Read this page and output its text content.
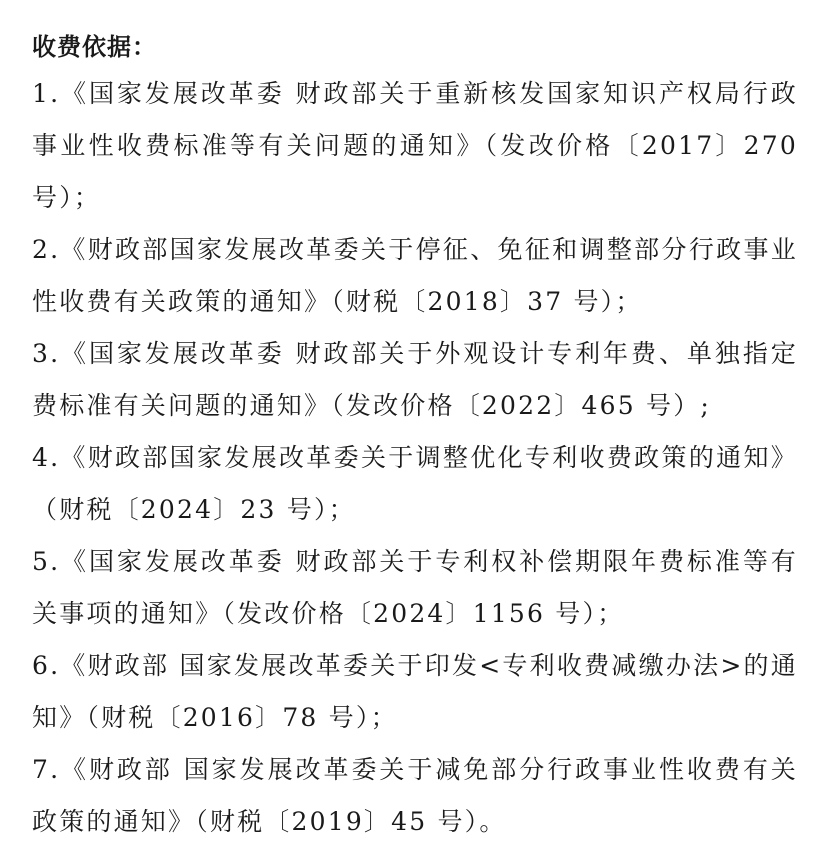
收费依据：
1.《国家发展改革委 财政部关于重新核发国家知识产权局行政事业性收费标准等有关问题的通知》（发改价格〔2017〕270 号）；
2.《财政部国家发展改革委关于停征、免征和调整部分行政事业性收费有关政策的通知》（财税〔2018〕37 号）；
3.《国家发展改革委 财政部关于外观设计专利年费、单独指定费标准有关问题的通知》（发改价格〔2022〕465 号）;
4.《财政部国家发展改革委关于调整优化专利收费政策的通知》（财税〔2024〕23 号）；
5.《国家发展改革委 财政部关于专利权补偿期限年费标准等有关事项的通知》（发改价格〔2024〕1156 号）；
6.《财政部 国家发展改革委关于印发<专利收费减缴办法>的通知》（财税〔2016〕78 号）；
7.《财政部 国家发展改革委关于减免部分行政事业性收费有关政策的通知》（财税〔2019〕45 号）。
